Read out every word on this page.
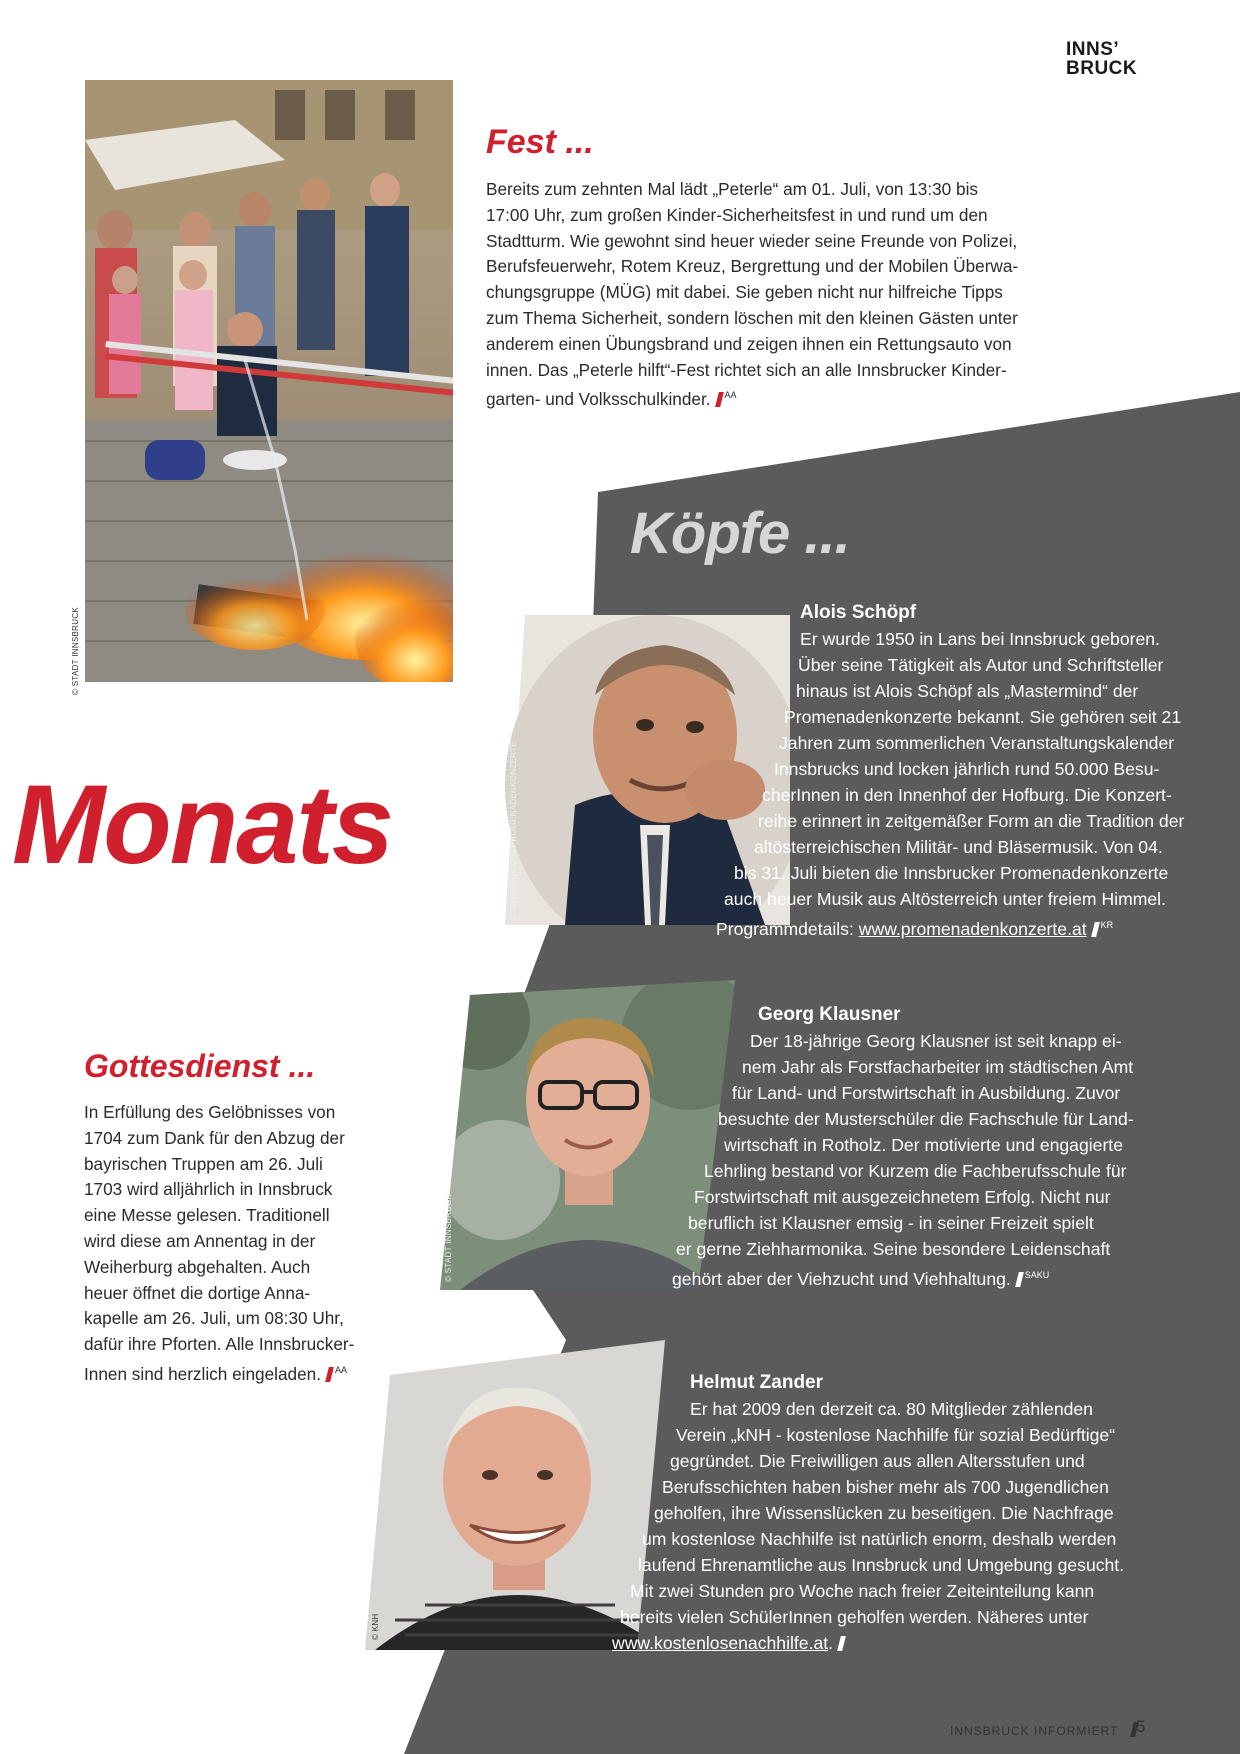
INNS’
BRUCK
© STADT INNSBRUCK
Fest ...

Bereits zum zehnten Mal lädt „Peterle“ am 01. Juli, von 13:30 bis

17:00 Uhr, zum großen Kinder-Sicherheitsfest in und rund um den

Stadtturm. Wie gewohnt sind heuer wieder seine Freunde von Polizei,

Berufsfeuerwehr, Rotem Kreuz, Bergrettung und der Mobilen Überwa-

chungsgruppe (MÜG) mit dabei. Sie geben nicht nur hilfreiche Tipps

zum Thema Sicherheit, sondern löschen mit den kleinen Gästen unter

anderem einen Übungsbrand und zeigen ihnen ein Rettungsauto von

innen. Das „Peterle hilft“-Fest richtet sich an alle Innsbrucker Kinder-

garten- und Volksschulkinder. $^{AA}$

Köpfe ...
Monats	© INNSBRUCKER PROMENADENKONZERTE
Alois Schöpf
Er wurde 1950 in Lans bei Innsbruck geboren.
Über seine Tätigkeit als Autor und Schriftsteller
hinaus ist Alois Schöpf als „Mastermind“ der
Promenadenkonzerte bekannt. Sie gehören seit 21
Jahren zum sommerlichen Veranstaltungskalender
Innsbrucks und locken jährlich rund 50.000 Besu-
cherInnen in den Innenhof der Hofburg. Die Konzert-
reihe erinnert in zeitgemäßer Form an die Tradition der
altösterreichischen Militär- und Bläsermusik. Von 04.
bis 31. Juli bieten die Innsbrucker Promenadenkonzerte
auch heuer Musik aus Altösterreich unter freiem Himmel.
Programmdetails: www.promenadenkonzerte.at $^{KR}$
© STADT INNSBRUCK
Georg Klausner
Der 18-jährige Georg Klausner ist seit knapp ei-
nem Jahr als Forstfacharbeiter im städtischen Amt
für Land- und Forstwirtschaft in Ausbildung. Zuvor
besuchte der Musterschüler die Fachschule für Land-
wirtschaft in Rotholz. Der motivierte und engagierte
Lehrling bestand vor Kurzem die Fachberufsschule für
Forstwirtschaft mit ausgezeichnetem Erfolg. Nicht nur
beruflich ist Klausner emsig - in seiner Freizeit spielt
er gerne Ziehharmonika. Seine besondere Leidenschaft
gehört aber der Viehzucht und Viehhaltung. $^{SAKU}$
Gottesdienst ...

In Erfüllung des Gelöbnisses von

1704 zum Dank für den Abzug der

bayrischen Truppen am 26. Juli

1703 wird alljährlich in Innsbruck

eine Messe gelesen. Traditionell

wird diese am Annentag in der

Weiherburg abgehalten. Auch

heuer öffnet die dortige Anna-

kapelle am 26. Juli, um 08:30 Uhr,

dafür ihre Pforten. Alle Innsbrucker-

Innen sind herzlich eingeladen. $^{AA}$

© KNH
Helmut Zander
Er hat 2009 den derzeit ca. 80 Mitglieder zählenden
Verein „kNH - kostenlose Nachhilfe für sozial Bedürftige“
gegründet. Die Freiwilligen aus allen Altersstufen und
Berufsschichten haben bisher mehr als 700 Jugendlichen
geholfen, ihre Wissenslücken zu beseitigen. Die Nachfrage
um kostenlose Nachhilfe ist natürlich enorm, deshalb werden
laufend Ehrenamtliche aus Innsbruck und Umgebung gesucht.
Mit zwei Stunden pro Woche nach freier Zeiteinteilung kann
bereits vielen SchülerInnen geholfen werden. Näheres unter
www.kostenlosenachhilfe.at.
INNSBRUCK INFORMIERT	5
